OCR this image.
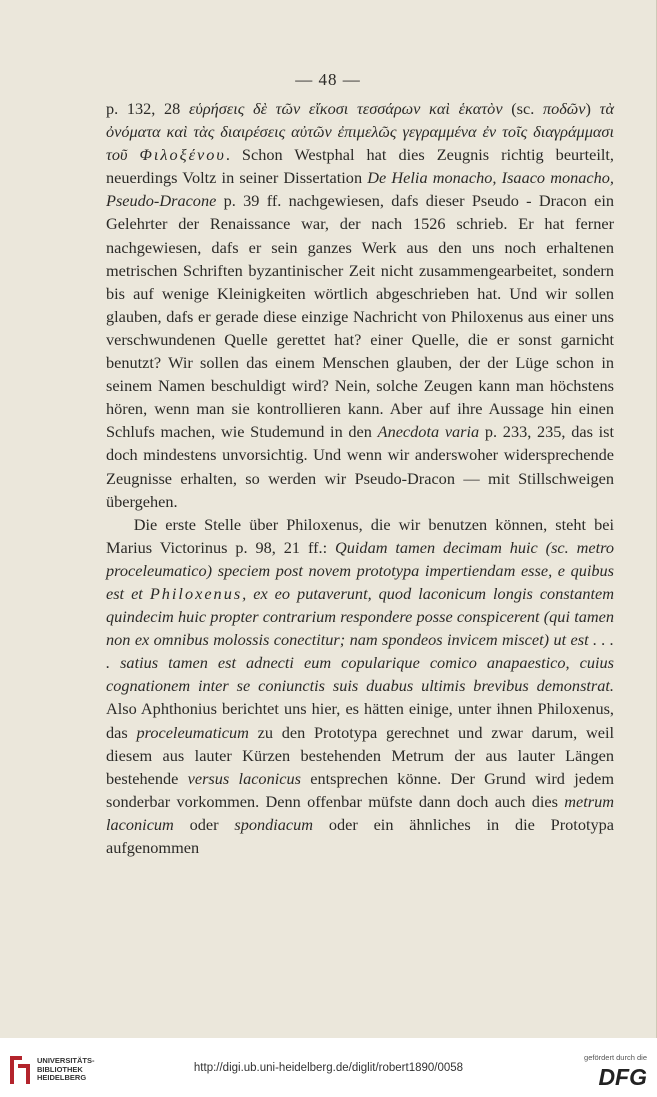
— 48 —

p. 132, 28 εὑρήσεις δὲ τῶν εἴκοσι τεσσάρων καὶ ἑκατὸν (sc. ποδῶν) τὰ ὀνόματα καὶ τὰς διαιρέσεις αὐτῶν ἐπιμελῶς γεγραμμένα ἐν τοῖς διαγράμμασι τοῦ Φιλοξένου. Schon Westphal hat dies Zeugnis richtig beurteilt, neuerdings Voltz in seiner Dissertation De Helia monacho, Isaaco monacho, Pseudo-Dracone p. 39 ff. nachgewiesen, dafs dieser Pseudo - Dracon ein Gelehrter der Renaissance war, der nach 1526 schrieb. Er hat ferner nachgewiesen, dafs er sein ganzes Werk aus den uns noch erhaltenen metrischen Schriften byzantinischer Zeit nicht zusammengearbeitet, sondern bis auf wenige Kleinigkeiten wörtlich abgeschrieben hat. Und wir sollen glauben, dafs er gerade diese einzige Nachricht von Philoxenus aus einer uns verschwundenen Quelle gerettet hat? einer Quelle, die er sonst garnicht benutzt? Wir sollen das einem Menschen glauben, der der Lüge schon in seinem Namen beschuldigt wird? Nein, solche Zeugen kann man höchstens hören, wenn man sie kontrollieren kann. Aber auf ihre Aussage hin einen Schlufs machen, wie Studemund in den Anecdota varia p. 233, 235, das ist doch mindestens unvorsichtig. Und wenn wir anderswoher widersprechende Zeugnisse erhalten, so werden wir Pseudo-Dracon — mit Stillschweigen übergehen.

Die erste Stelle über Philoxenus, die wir benutzen können, steht bei Marius Victorinus p. 98, 21 ff.: Quidam tamen decimam huic (sc. metro proceleumatico) speciem post novem prototypa impertiendam esse, e quibus est et Philoxenus, ex eo putaverunt, quod laconicum longis constantem quindecim huic propter contrarium respondere posse conspicerent (qui tamen non ex omnibus molossis conectitur; nam spondeos invicem miscet) ut est . . . . satius tamen est adnecti eum copularique comico anapaestico, cuius cognationem inter se coniunctis suis duabus ultimis brevibus demonstrat. Also Aphthonius berichtet uns hier, es hätten einige, unter ihnen Philoxenus, das proceleumaticum zu den Prototypa gerechnet und zwar darum, weil diesem aus lauter Kürzen bestehenden Metrum der aus lauter Längen bestehende versus laconicus entsprechen könne. Der Grund wird jedem sonderbar vorkommen. Denn offenbar müfste dann doch auch dies metrum laconicum oder spondiacum oder ein ähnliches in die Prototypa aufgenommen

UNIVERSITÄTS-
BIBLIOTHEK
HEIDELBERG
http://digi.ub.uni-heidelberg.de/diglit/robert1890/0058
gefördert durch die
DFG
